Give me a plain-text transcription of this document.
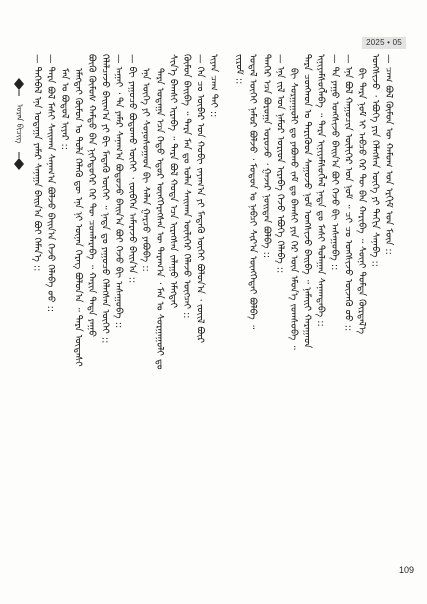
2025 • 05
ᠤᠷᠠᠨ ᠪᠢᠴᠢᠭ — ᠲᠡᠭᠡᠪᠡᠯ ᠡᠨᠡ ᠤᠳᠠᠭᠠ ᠶᠠᠮᠠᠷ ᠰᠠᠨᠠᠭᠠ ᠪᠠᠢᠨ᠎ᠠ ᠪᠤᠢ ᠬᠡᠮᠡᠨ᠎ᠡ :: — ᠲᠡᠷᠡ ᠪᠣᠯ ᠮᠠᠰᠢ ᠰᠠᠢᠬᠠᠨ ᠰᠠᠨᠠᠭ᠎ᠠ ᠪᠣᠯᠵᠣ ᠪᠠᠢᠨ᠎ᠠ ᠭᠡᠵᠦ ᠬᠡᠯᠡᠪᠡ ᠦᠦ :: ᠮᠠᠨ ᠤ ᠪᠣᠳᠣᠯ ᠢᠶᠠᠷ :: ᠡᠮᠡᠭᠲᠡᠢ ᠬᠦᠮᠦᠨ ᠤ ᠲᠤᠯᠠ ᠬᠡᠯᠡᠬᠦ ᠳᠦ ᠡᠨᠡ ᠨᠢ ᠦᠨᠡᠨ ᠬᠡᠷᠡᠭ ᠪᠣᠯᠤᠨ᠎ᠠ ᠃ ᠲᠡᠷᠡ ᠦᠳᠡᠰᠢ ᠪᠦᠬᠦ ᠬᠦᠮᠦᠰ ᠬᠠᠮᠲᠤ ᠪᠠᠨ ᠨᠢᠭᠡᠳᠦᠭᠡᠷ ᠭᠡᠷ ᠲᠦ ᠴᠤᠭᠯᠠᠷᠠᠪᠠ ᠃ ᠬᠠᠷᠢᠨ ᠲᠡᠳᠡ ᠶᠠᠭᠤ ᠬᠡᠯᠡᠯᠴᠡᠵᠦ ᠪᠠᠢᠭ᠎ᠠ ᠶᠢ ᠪᠢ ᠮᠡᠳᠡᠬᠦ ᠦᠭᠡᠢ ᠃ ᠨᠠᠳᠠ ᠳᠤ ᠶᠠᠭᠤᠴᠤ ᠬᠡᠯᠡᠭᠰᠡᠨ ᠦᠭᠡᠢ :: — ᠠᠭᠠᠢ ᠂ ᠲᠠ ᠶᠠᠮᠠᠷ ᠰᠠᠨᠠᠭ᠎ᠠ ᠪᠣᠳᠣᠵᠤ ᠪᠠᠢᠨ᠎ᠠ ᠪᠤᠢ ᠭᠡᠵᠦ ᠪᠢ ᠠᠰᠠᠭᠤᠪᠠ :: — ᠪᠢ ᠶᠠᠭᠤᠴᠤ ᠪᠣᠳᠣᠬᠤ ᠦᠭᠡᠢ ᠂ ᠵᠥᠪᠬᠡᠨ ᠠᠮᠠᠷᠠᠵᠤ ᠪᠠᠢᠨ᠎ᠠ :: ᠡᠨᠡ ᠦᠭᠡ ᠶᠢ ᠰᠣᠨᠣᠰᠤᠭᠠᠳ ᠪᠢ ᠰᠠᠯᠠᠨ ᠭᠠᠷᠴᠤ ᠶᠠᠪᠤᠪᠠ :: ᠲᠡᠷᠡ ᠤᠳᠠᠭᠠ ᠡᠴᠡ ᠬᠡᠳᠦ ᠡᠳᠦᠷ ᠥᠩᠭᠡᠷᠡᠭᠰᠡᠨ ᠦ ᠳᠠᠷᠠᠭ᠎ᠠ ᠂ ᠮᠠᠨ ᠤ ᠰᠤᠷᠭᠠᠭᠤᠯᠢ ᠳᠤ ᠰᠢᠨ᠎ᠡ ᠪᠠᠭᠰᠢ ᠢᠷᠡᠪᠡ ᠃ ᠲᠡᠷᠡ ᠪᠣᠯ ᠬᠣᠲᠠ ᠡᠴᠡ ᠢᠷᠡᠭᠰᠡᠨ ᠵᠠᠯᠠᠭᠤ ᠡᠮᠡᠭᠲᠡᠢ ᠬᠦᠮᠦᠨ ᠪᠠᠢᠪᠠ ᠃ ᠲᠡᠷᠡ ᠮᠠᠨ ᠳᠤ ᠣᠯᠠᠨ ᠰᠠᠢᠬᠠᠨ ᠦᠯᠢᠭᠡᠷ ᠬᠡᠯᠡᠵᠦ ᠥᠭᠴᠡᠢ :: — ᠬᠡᠨ ᠴᠤ ᠥᠪᠡᠷ ᠤᠨ ᠬᠤᠪᠢ ᠵᠠᠶᠠᠭ᠎ᠠ ᠶᠢ ᠮᠡᠳᠡᠬᠦ ᠦᠭᠡᠢ ᠪᠣᠯᠤᠨ᠎ᠠ ᠂ ᠵᠦᠢᠯ ᠪᠦᠷ ᠢᠶᠡᠨ ᠴᠠᠭ ᠲᠠᠢ :: ᠵᠢᠷᠤᠮ :: ᠤᠳᠠᠯ ᠦᠭᠡᠢ ᠨᠠᠮᠤᠷ ᠪᠣᠯᠵᠤ ᠂ ᠮᠣᠳᠣᠨ ᠤ ᠨᠠᠪᠴᠢ ᠰᠢᠷ᠎ᠠ ᠥᠩᠭᠡᠲᠡᠢ ᠪᠣᠯᠪᠠ ᠃ ᠲᠡᠨᠭᠡᠷ ᠡᠴᠡ ᠪᠣᠷᠤᠭᠠ ᠣᠷᠣᠵᠤ ᠂ ᠭᠠᠵᠠᠷ ᠨᠣᠢᠲᠠᠨ ᠪᠣᠯᠪᠠ :: — ᠡᠨᠡ ᠵᠢᠯ ᠤᠨ ᠨᠠᠮᠤᠷ ᠤᠷᠢᠳ ᠢᠷᠡᠪᠡ ᠭᠡᠵᠦ ᠡᠪᠦᠭᠡ ᠬᠡᠯᠡᠪᠡ :: ᠪᠢ ᠰᠤᠷᠭᠠᠭᠤᠯᠢ ᠳᠤ ᠶᠠᠪᠤᠬᠤ ᠵᠠᠮ ᠳᠤ ᠪᠠᠭᠰᠢ ᠶᠢᠨ ᠭᠡᠷ ᠦᠨ ᠡᠮᠦᠨ᠎ᠡ ᠵᠣᠭᠰᠣᠪᠠ ᠃ ᠲᠡᠷᠡ ᠴᠣᠩᠬᠣᠨ ᠤ ᠳᠡᠷᠢᠭᠦᠳ ᠰᠠᠭᠤᠵᠤ ᠨᠣᠮ ᠤᠩᠰᠢᠵᠤ ᠪᠠᠢᠪᠠ ᠃ ᠨᠠᠮᠠᠢᠢ ᠬᠠᠷᠠᠭᠠᠳ ᠢᠨᠢᠶᠡᠮᠰᠦᠭᠯᠡᠪᠡ ᠃ ᠲᠡᠷᠡ ᠢᠨᠢᠶᠡᠮᠰᠦᠭᠯᠡᠯ ᠨᠠᠳᠠ ᠳᠤ ᠮᠠᠰᠢ ᠳᠤᠯᠠᠭᠠᠨ ᠰᠠᠨᠠᠭᠳᠠᠪᠠ :: — ᠲᠠ ᠶᠠᠭᠤ ᠤᠩᠰᠢᠵᠤ ᠪᠠᠢᠨ᠎ᠠ ᠪᠤᠢ ᠭᠡᠵᠦ ᠪᠢ ᠠᠰᠠᠭᠤᠪᠠ :: — ᠡᠨᠡ ᠪᠣᠯ ᠬᠠᠭᠤᠴᠢᠨ ᠦᠯᠢᠭᠡᠷ ᠤᠨ ᠨᠣᠮ ᠃ ᠴᠢ ᠴᠤ ᠤᠩᠰᠢᠵᠤ ᠦᠵᠡᠬᠦ ᠦᠦ :: ᠪᠢ ᠲᠡᠷᠡ ᠨᠣᠮ ᠢ ᠠᠪᠴᠤ ᠭᠡᠷ ᠲᠦ ᠪᠠᠨ ᠬᠠᠷᠢᠪᠠ ᠃ ᠰᠦᠨᠢ ᠳᠤᠮᠳᠠ ᠬᠦᠷᠲᠡᠯ᠎ᠡ ᠤᠩᠰᠢᠵᠤ ᠂ ᠡᠪᠦᠭᠡ ᠶᠢᠨ ᠬᠡᠯᠡᠭᠰᠡᠨ ᠦᠭᠡ ᠶᠢ ᠳᠠᠬᠢᠨ ᠰᠠᠨᠠᠪᠠ :: — ᠴᠠᠭ ᠪᠣᠯ ᠬᠦᠮᠦᠨ ᠦ ᠬᠠᠮᠤᠭ ᠤᠨ ᠡᠷᠬᠢᠮ ᠡᠳ ᠮᠦᠨ ::
109
